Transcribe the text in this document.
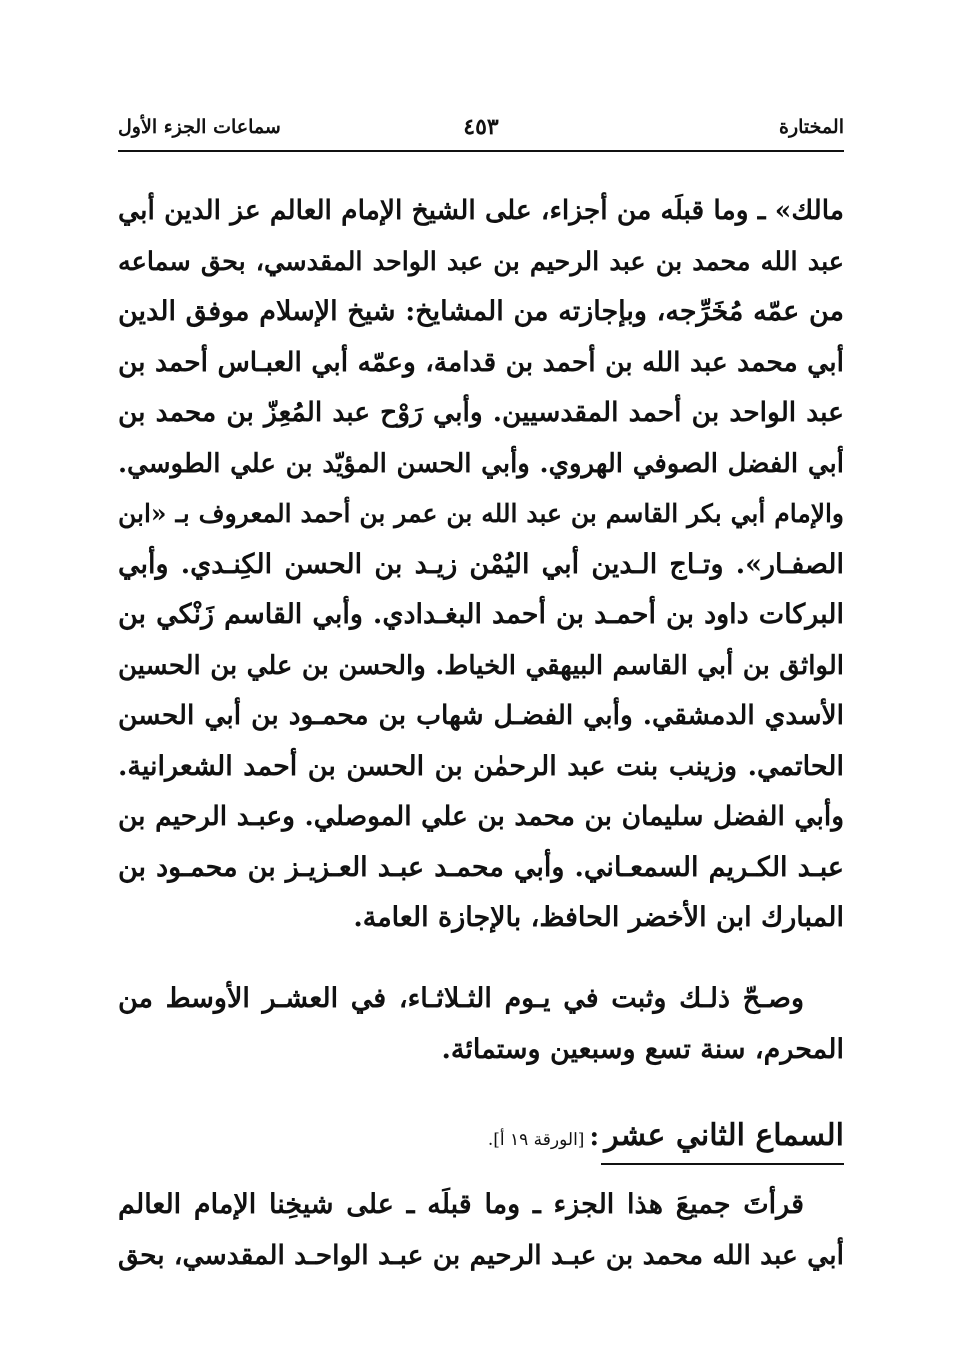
المختارة
٤٥٣
سماعات الجزء الأول
مالك» ـ وما قبلَه من أجزاء، على الشيخ الإمام العالم عز الدين أبي
عبد الله محمد بن عبد الرحيم بن عبد الواحد المقدسي، بحق سماعه
من عمّه مُخَرِّجه، وبإجازته من المشايخ: شيخ الإسلام موفق الدين
أبي محمد عبد الله بن أحمد بن قدامة، وعمّه أبي العبـاس أحمد بن
عبد الواحد بن أحمد المقدسيين. وأبي رَوْح عبد المُعِزّ بن محمد بن
أبي الفضل الصوفي الهروي. وأبي الحسن المؤيّد بن علي الطوسي.
والإمام أبي بكر القاسم بن عبد الله بن عمر بن أحمد المعروف بـ «ابن
الصفـار». وتـاج الـدين أبي اليُمْن زيـد بن الحسن الكِنـدي. وأبي
البركات داود بن أحمـد بن أحمد البغـدادي. وأبي القاسم زَنْكي بن
الواثق بن أبي القاسم البيهقي الخياط. والحسن بن علي بن الحسين
الأسدي الدمشقي. وأبي الفضـل شهاب بن محمـود بن أبي الحسن
الحاتمي. وزينب بنت عبد الرحمٰن بن الحسن بن أحمد الشعرانية.
وأبي الفضل سليمان بن محمد بن علي الموصلي. وعبـد الرحيم بن
عبـد الكـريم السمعـاني. وأبي محمـد عبـد العـزيـز بن محمـود بن
المبارك ابن الأخضر الحافظ، بالإجازة العامة.
وصـحّ ذلـك وثبت في يـوم الثـلاثـاء، في العشـر الأوسط من
المحرم، سنة تسع وسبعين وستمائة.
السماع الثاني عشر : [الورقة ١٩ أ].
قرأتَ جميعَ هذا الجزء ـ وما قبلَه ـ على شيخِنا الإمام العالم
أبي عبد الله محمد بن عبـد الرحيم بن عبـد الواحـد المقدسي، بحق
